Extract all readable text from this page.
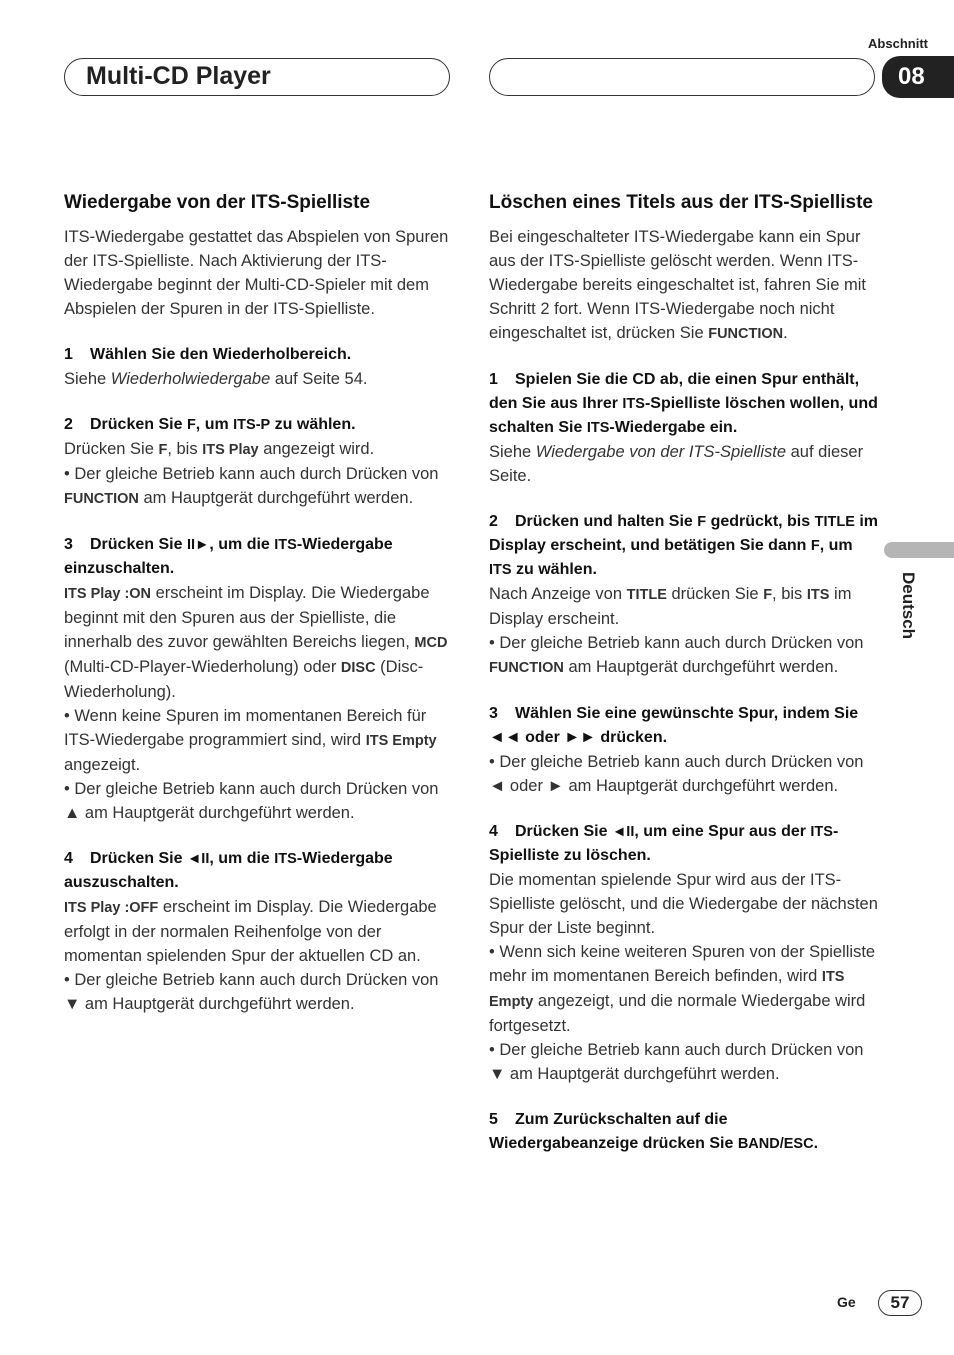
Abschnitt
Multi-CD Player	08
Wiedergabe von der ITS-Spielliste

ITS-Wiedergabe gestattet das Abspielen von Spuren der ITS-Spielliste. Nach Aktivierung der ITS-Wiedergabe beginnt der Multi-CD-Spieler mit dem Abspielen der Spuren in der ITS-Spielliste.

1 Wählen Sie den Wiederholbereich.

Siehe Wiederholwiedergabe auf Seite 54.

2 Drücken Sie F, um ITS-P zu wählen.

Drücken Sie F, bis ITS Play angezeigt wird.

• Der gleiche Betrieb kann auch durch Drücken von FUNCTION am Hauptgerät durchgeführt werden.

3 Drücken Sie II►, um die ITS-Wiedergabe einzuschalten.

ITS Play :ON erscheint im Display. Die Wiedergabe beginnt mit den Spuren aus der Spielliste, die innerhalb des zuvor gewählten Bereichs liegen, MCD (Multi-CD-Player-Wiederholung) oder DISC (Disc-Wiederholung).

• Wenn keine Spuren im momentanen Bereich für ITS-Wiedergabe programmiert sind, wird ITS Empty angezeigt.

• Der gleiche Betrieb kann auch durch Drücken von ▲ am Hauptgerät durchgeführt werden.

4 Drücken Sie ◄II, um die ITS-Wiedergabe auszuschalten.

ITS Play :OFF erscheint im Display. Die Wiedergabe erfolgt in der normalen Reihenfolge von der momentan spielenden Spur der aktuellen CD an.

• Der gleiche Betrieb kann auch durch Drücken von ▼ am Hauptgerät durchgeführt werden.

Löschen eines Titels aus der ITS-Spielliste

Bei eingeschalteter ITS-Wiedergabe kann ein Spur aus der ITS-Spielliste gelöscht werden. Wenn ITS-Wiedergabe bereits eingeschaltet ist, fahren Sie mit Schritt 2 fort. Wenn ITS-Wiedergabe noch nicht eingeschaltet ist, drücken Sie FUNCTION.

1 Spielen Sie die CD ab, die einen Spur enthält, den Sie aus Ihrer ITS-Spielliste löschen wollen, und schalten Sie ITS-Wiedergabe ein.

Siehe Wiedergabe von der ITS-Spielliste auf dieser Seite.

2 Drücken und halten Sie F gedrückt, bis TITLE im Display erscheint, und betätigen Sie dann F, um ITS zu wählen.

Nach Anzeige von TITLE drücken Sie F, bis ITS im Display erscheint.

• Der gleiche Betrieb kann auch durch Drücken von FUNCTION am Hauptgerät durchgeführt werden.

3 Wählen Sie eine gewünschte Spur, indem Sie ◄◄ oder ►► drücken.

• Der gleiche Betrieb kann auch durch Drücken von ◄ oder ► am Hauptgerät durchgeführt werden.

4 Drücken Sie ◄II, um eine Spur aus der ITS-Spielliste zu löschen.

Die momentan spielende Spur wird aus der ITS-Spielliste gelöscht, und die Wiedergabe der nächsten Spur der Liste beginnt.

• Wenn sich keine weiteren Spuren von der Spielliste mehr im momentanen Bereich befinden, wird ITS Empty angezeigt, und die normale Wiedergabe wird fortgesetzt.

• Der gleiche Betrieb kann auch durch Drücken von ▼ am Hauptgerät durchgeführt werden.

5 Zum Zurückschalten auf die Wiedergabeanzeige drücken Sie BAND/ESC.
Deutsch
Ge	57
